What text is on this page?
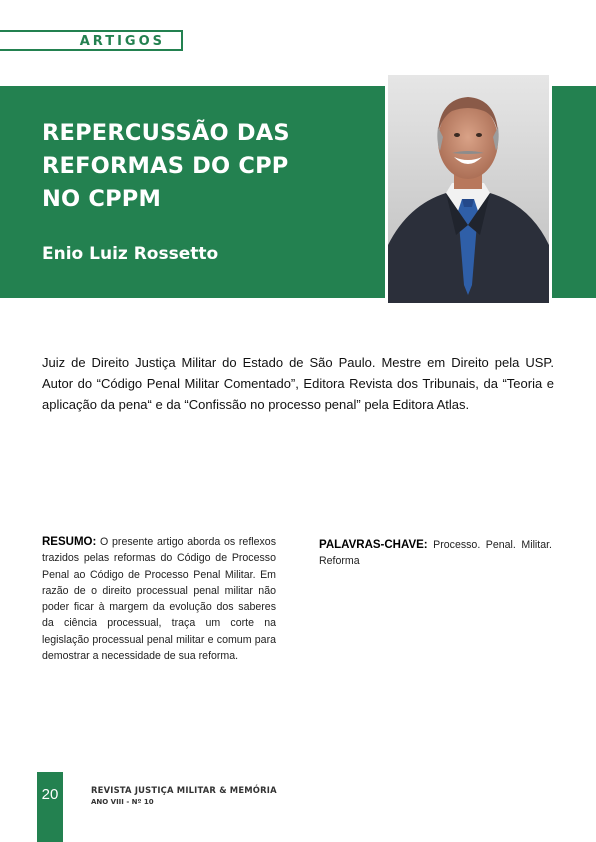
ARTIGOS
REPERCUSSÃO DAS
REFORMAS DO CPP
NO CPPM
Enio Luiz Rossetto

Juiz de Direito Justiça Militar do Estado de São Paulo. Mestre em Direito pela USP. Autor do “Código Penal Militar Comentado”, Editora Revista dos Tribunais, da “Teoria e aplicação da pena“ e da “Confissão no processo penal” pela Editora Atlas.

RESUMO: O presente artigo aborda os reflexos trazidos pelas reformas do Código de Processo Penal ao Código de Processo Penal Militar. Em razão de o direito processual penal militar não poder ficar à margem da evolução dos saberes da ciência processual, traça um corte na legislação processual penal militar e comum para demostrar a necessidade de sua reforma.

PALAVRAS-CHAVE: Processo. Penal. Militar. Reforma

20	REVISTA JUSTIÇA MILITAR & MEMÓRIA
ANO VIII - Nº 10
